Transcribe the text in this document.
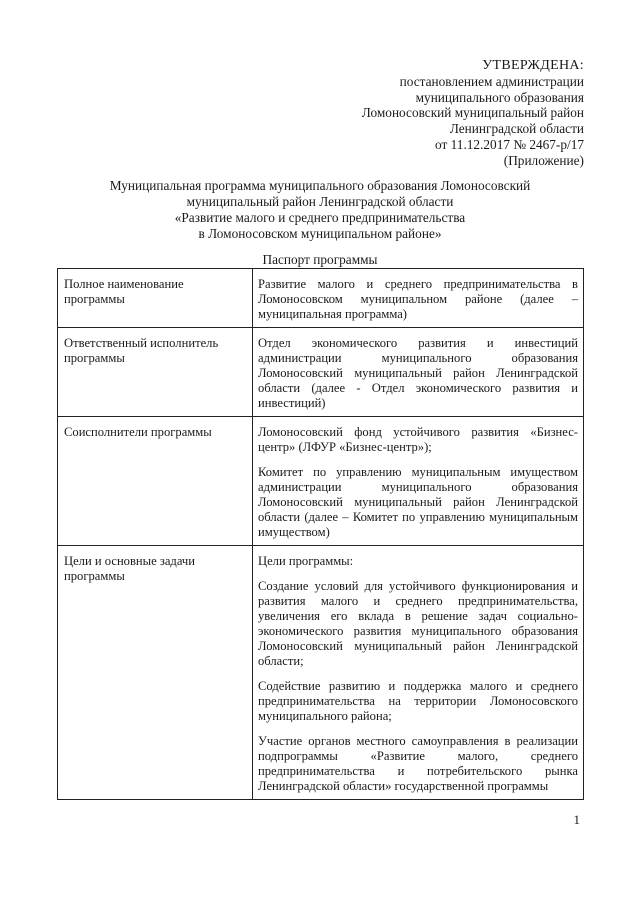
УТВЕРЖДЕНА:
постановлением администрации
муниципального образования
Ломоносовский муниципальный район
Ленинградской области
от 11.12.2017 № 2467-р/17
(Приложение)
Муниципальная программа муниципального образования Ломоносовский
муниципальный район Ленинградской области
«Развитие малого и среднего предпринимательства
в Ломоносовском муниципальном районе»
Паспорт программы
Полное наименование программы	Развитие малого и среднего предпринимательства в Ломоносовском муниципальном районе (далее – муниципальная программа)

Ответственный исполнитель программы	Отдел экономического развития и инвестиций администрации муниципального образования Ломоносовский муниципальный район Ленинградской области (далее - Отдел экономического развития и инвестиций)

Соисполнители программы	Ломоносовский фонд устойчивого развития «Бизнес-центр» (ЛФУР «Бизнес-центр»);

Комитет по управлению муниципальным имуществом администрации муниципального образования Ломоносовский муниципальный район Ленинградской области (далее – Комитет по управлению муниципальным имуществом)

Цели и основные задачи программы	Цели программы:

Создание условий для устойчивого функционирования и развития малого и среднего предпринимательства, увеличения его вклада в решение задач социально-экономического развития муниципального образования Ломоносовский муниципальный район Ленинградской области;

Содействие развитию и поддержка малого и среднего предпринимательства на территории Ломоносовского муниципального района;

Участие органов местного самоуправления в реализации подпрограммы «Развитие малого, среднего предпринимательства и потребительского рынка Ленинградской области» государственной программы

1
